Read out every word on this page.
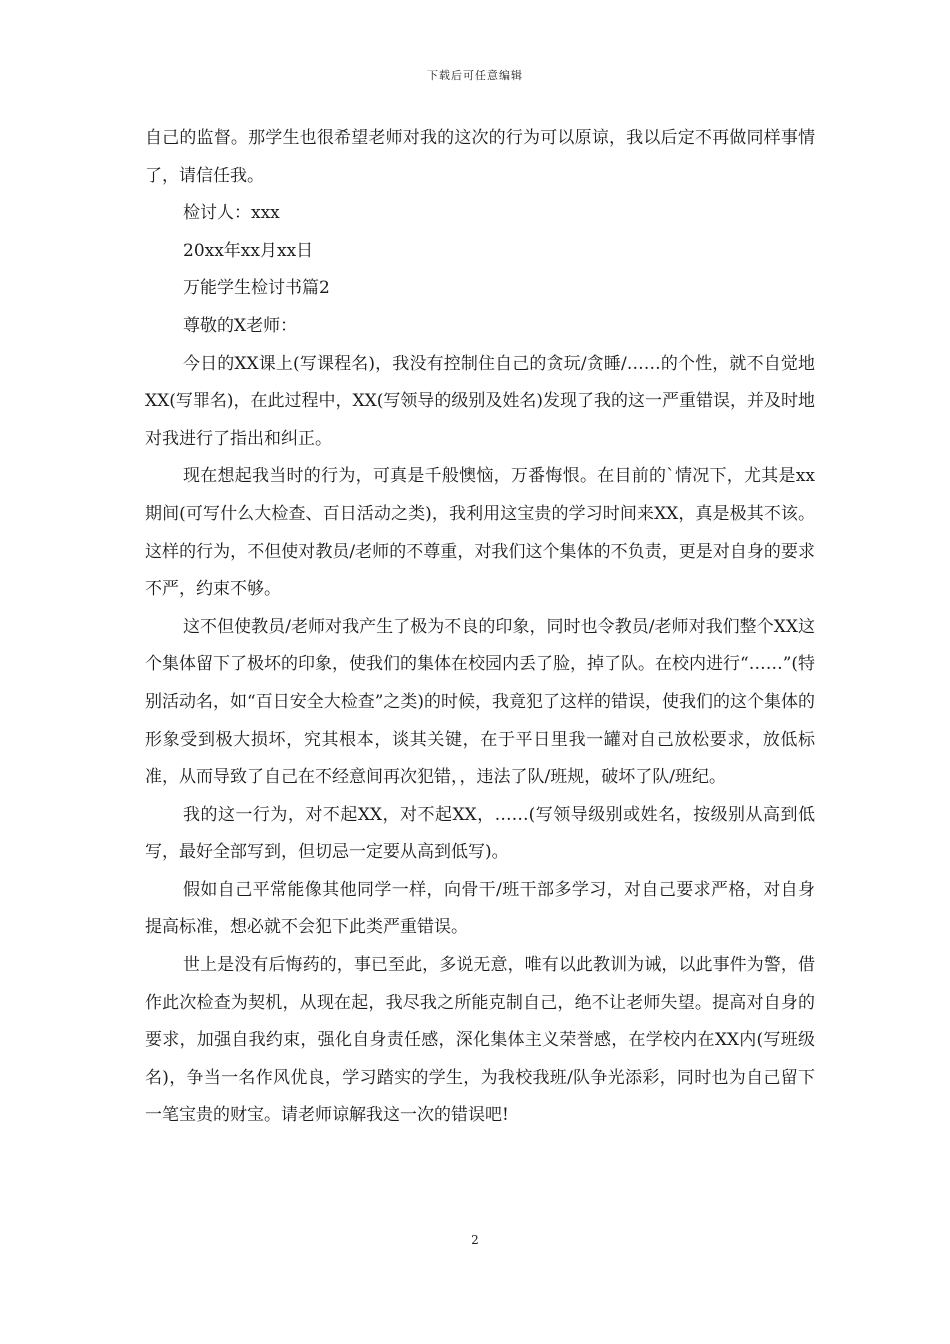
下载后可任意编辑

自己的监督。那学生也很希望老师对我的这次的行为可以原谅，我以后定不再做同样事情了，请信任我。

检讨人：xxx

20xx年xx月xx日

万能学生检讨书篇2

尊敬的X老师：

今日的XX课上(写课程名)，我没有控制住自己的贪玩/贪睡/……的个性，就不自觉地XX(写罪名)，在此过程中，XX(写领导的级别及姓名)发现了我的这一严重错误，并及时地对我进行了指出和纠正。

现在想起我当时的行为，可真是千般懊恼，万番悔恨。在目前的`情况下，尤其是xx期间(可写什么大检查、百日活动之类)，我利用这宝贵的学习时间来XX，真是极其不该。这样的行为，不但使对教员/老师的不尊重，对我们这个集体的不负责，更是对自身的要求不严，约束不够。

这不但使教员/老师对我产生了极为不良的印象，同时也令教员/老师对我们整个XX这个集体留下了极坏的印象，使我们的集体在校园内丢了脸，掉了队。在校内进行“……”(特别活动名，如“百日安全大检查”之类)的时候，我竟犯了这样的错误，使我们的这个集体的形象受到极大损坏，究其根本，谈其关键，在于平日里我一罐对自己放松要求，放低标准，从而导致了自己在不经意间再次犯错，，违法了队/班规，破坏了队/班纪。

我的这一行为，对不起XX，对不起XX，……(写领导级别或姓名，按级别从高到低写，最好全部写到，但切忌一定要从高到低写)。

假如自己平常能像其他同学一样，向骨干/班干部多学习，对自己要求严格，对自身提高标准，想必就不会犯下此类严重错误。

世上是没有后悔药的，事已至此，多说无意，唯有以此教训为诫，以此事件为警，借作此次检查为契机，从现在起，我尽我之所能克制自己，绝不让老师失望。提高对自身的要求，加强自我约束，强化自身责任感，深化集体主义荣誉感，在学校内在XX内(写班级名)，争当一名作风优良，学习踏实的学生，为我校我班/队争光添彩，同时也为自己留下一笔宝贵的财宝。请老师谅解我这一次的错误吧!

2
